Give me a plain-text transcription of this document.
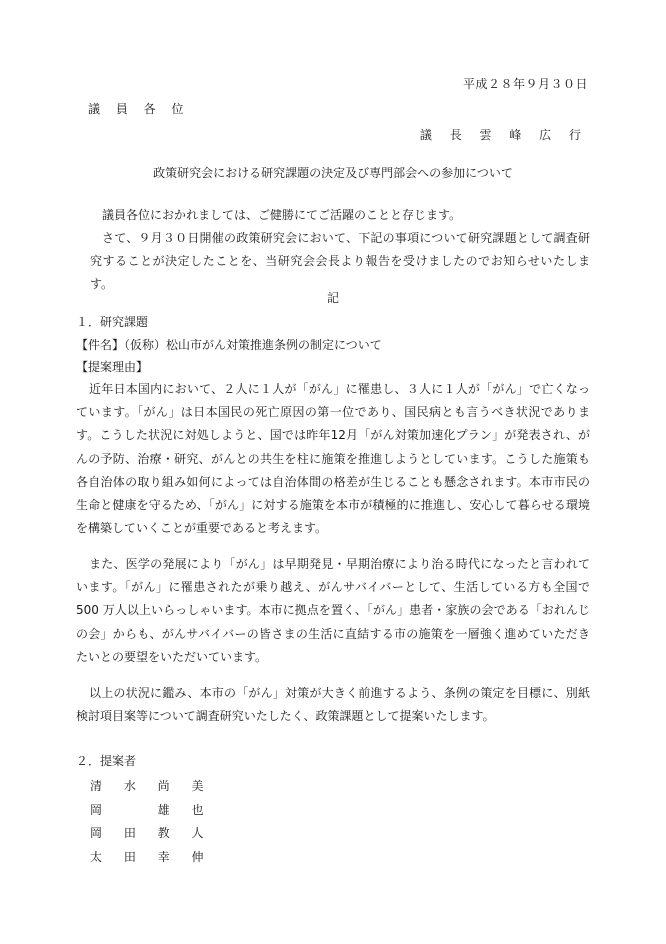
平成２８年９月３０日
議 員 各 位
議 長 雲 峰 広 行
政策研究会における研究課題の決定及び専門部会への参加について
議員各位におかれましては、ご健勝にてご活躍のことと存じます。
さて、９月３０日開催の政策研究会において、下記の事項について研究課題として調査研究することが決定したことを、当研究会会長より報告を受けましたのでお知らせいたします。
記
１．研究課題
【件名】（仮称）松山市がん対策推進条例の制定について
【提案理由】

近年日本国内において、２人に１人が「がん」に罹患し、３人に１人が「がん」で亡くなっています。「がん」は日本国民の死亡原因の第一位であり、国民病とも言うべき状況であります。こうした状況に対処しようと、国では昨年12月「がん対策加速化プラン」が発表され、がんの予防、治療・研究、がんとの共生を柱に施策を推進しようとしています。こうした施策も各自治体の取り組み如何によっては自治体間の格差が生じることも懸念されます。本市市民の生命と健康を守るため、｢がん」に対する施策を本市が積極的に推進し、安心して暮らせる環境を構築していくことが重要であると考えます。

また、医学の発展により「がん」は早期発見・早期治療により治る時代になったと言われています。｢がん」に罹患されたが乗り越え、がんサバイバーとして、生活している方も全国で 500 万人以上いらっしゃいます。本市に拠点を置く、｢がん」患者・家族の会である「おれんじの会」からも、がんサバイバーの皆さまの生活に直結する市の施策を一層強く進めていただきたいとの要望をいただいています。

以上の状況に鑑み、本市の「がん」対策が大きく前進するよう、条例の策定を目標に、別紙検討項目案等について調査研究いたしたく、政策課題として提案いたします。

２．提案者
清 水 尚 美
岡 　 雄 也
岡 田 教 人
太 田 幸 伸
